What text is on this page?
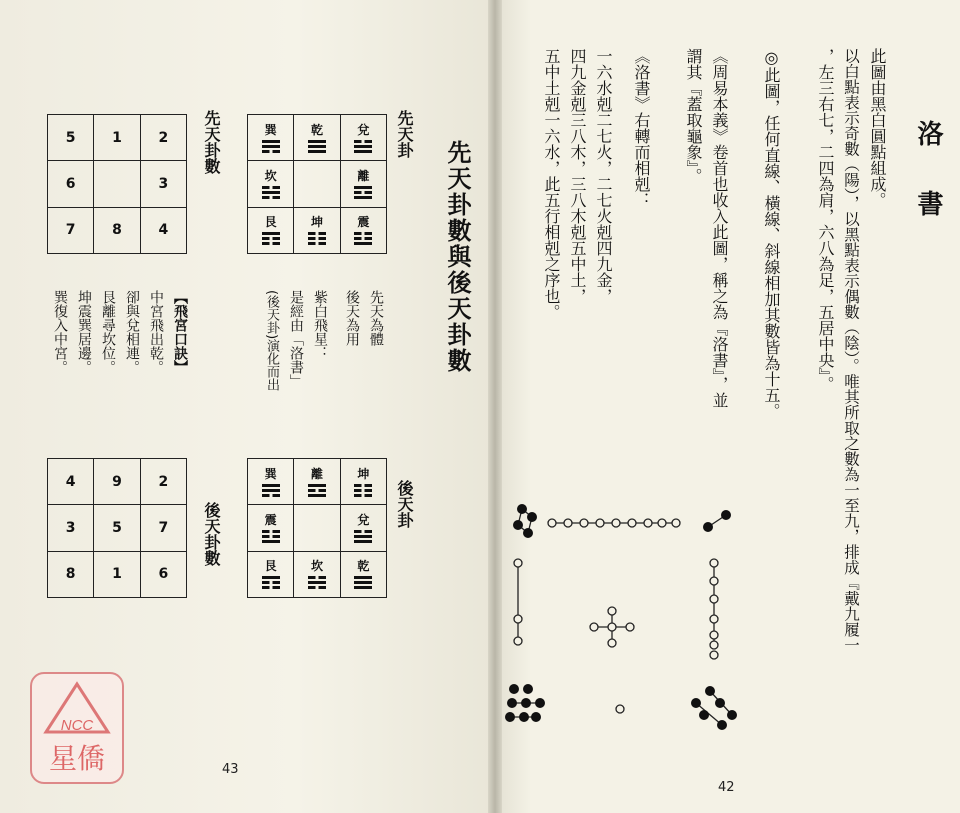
先天卦數與後天卦數
先天卦
先天卦數
後天卦
後天卦數
巽	乾	兌

坎		離

艮	坤	震
5	1	2
6		3
7	8	4
巽	離	坤

震		兌

艮	坎	乾
4	9	2
3	5	7
8	1	6
先天為體
後天為用
紫白飛星：
是經由「洛書」
(後天卦)演化而出
【飛宮口訣】
中宮飛出乾。
卻與兌相連。
艮離尋坎位。
坤震巽居邊。
巽復入中宮。
43
NCC
星僑
洛書
此圖由黑白圓點組成。
以白點表示奇數（陽），以黑點表示偶數（陰）。唯其所取之數為一至九，排成『戴九履一
，左三右七，二四為肩，六八為足，五居中央』。
◎此圖，任何直線、橫線、斜線相加其數皆為十五。
《周易本義》卷首也收入此圖，稱之為『洛書』，並
謂其『蓋取龜象』。
《洛書》右轉而相剋：
一六水剋二七火，二七火剋四九金，
四九金剋三八木，三八木剋五中土，
五中土剋一六水，此五行相剋之序也。
42
